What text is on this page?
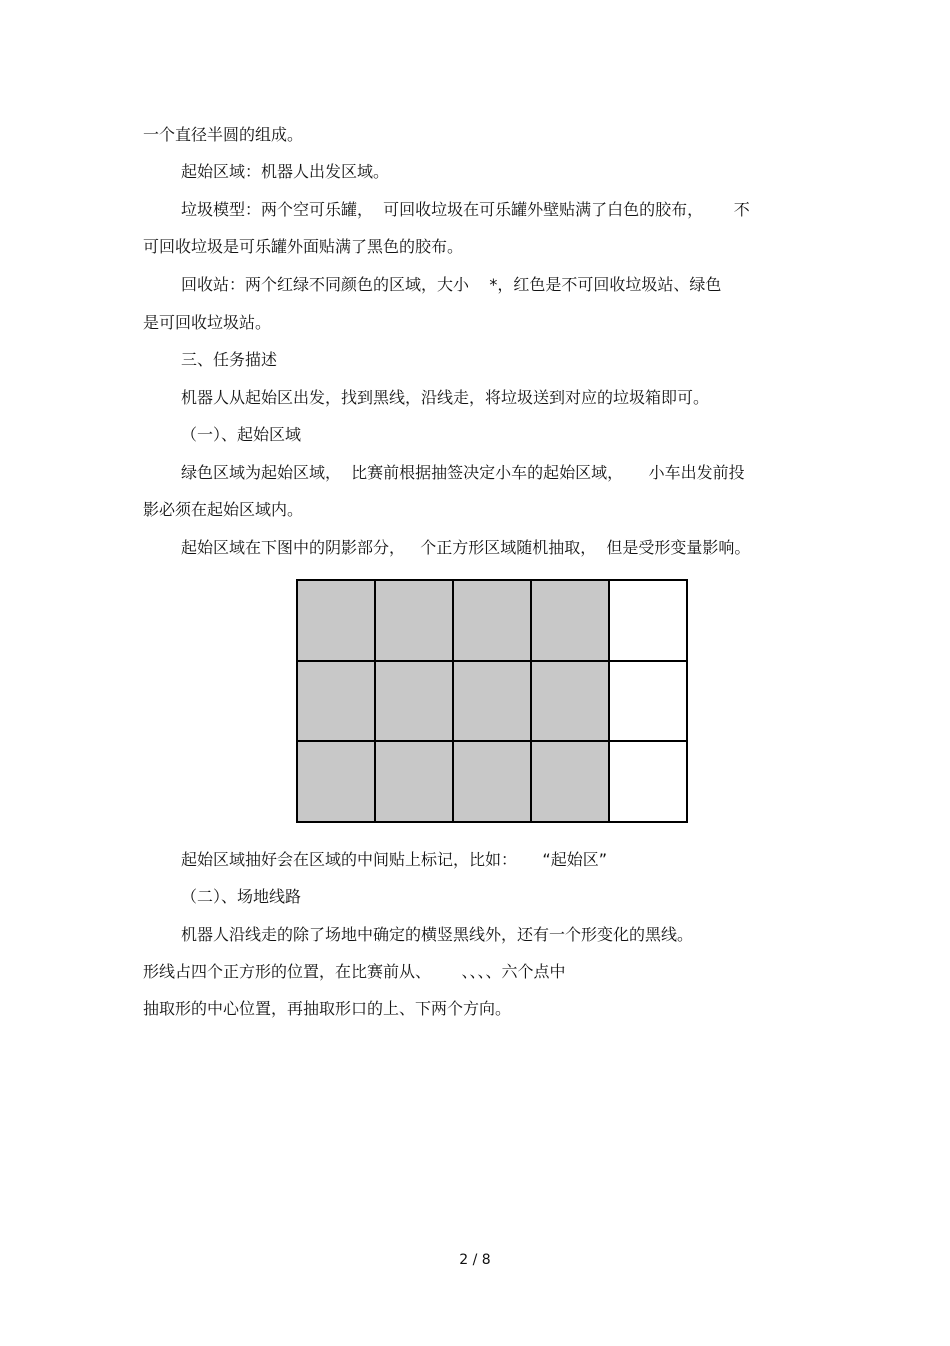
一个直径半圆的组成。

起始区域：机器人出发区域。

垃圾模型：两个空可乐罐，  可回收垃圾在可乐罐外壁贴满了白色的胶布，      不

可回收垃圾是可乐罐外面贴满了黑色的胶布。

回收站：两个红绿不同颜色的区域，大小    *，红色是不可回收垃圾站、绿色

是可回收垃圾站。

三、任务描述

机器人从起始区出发，找到黑线，沿线走，将垃圾送到对应的垃圾箱即可。

（一）、起始区域

绿色区域为起始区域，  比赛前根据抽签决定小车的起始区域，     小车出发前投

影必须在起始区域内。

起始区域在下图中的阴影部分，   个正方形区域随机抽取，  但是受形变量影响。

起始区域抽好会在区域的中间贴上标记，比如：     “起始区”

（二）、场地线路

机器人沿线走的除了场地中确定的横竖黑线外，还有一个形变化的黑线。

形线占四个正方形的位置，在比赛前从、      、、、、六个点中

抽取形的中心位置，再抽取形口的上、下两个方向。

2 / 8
